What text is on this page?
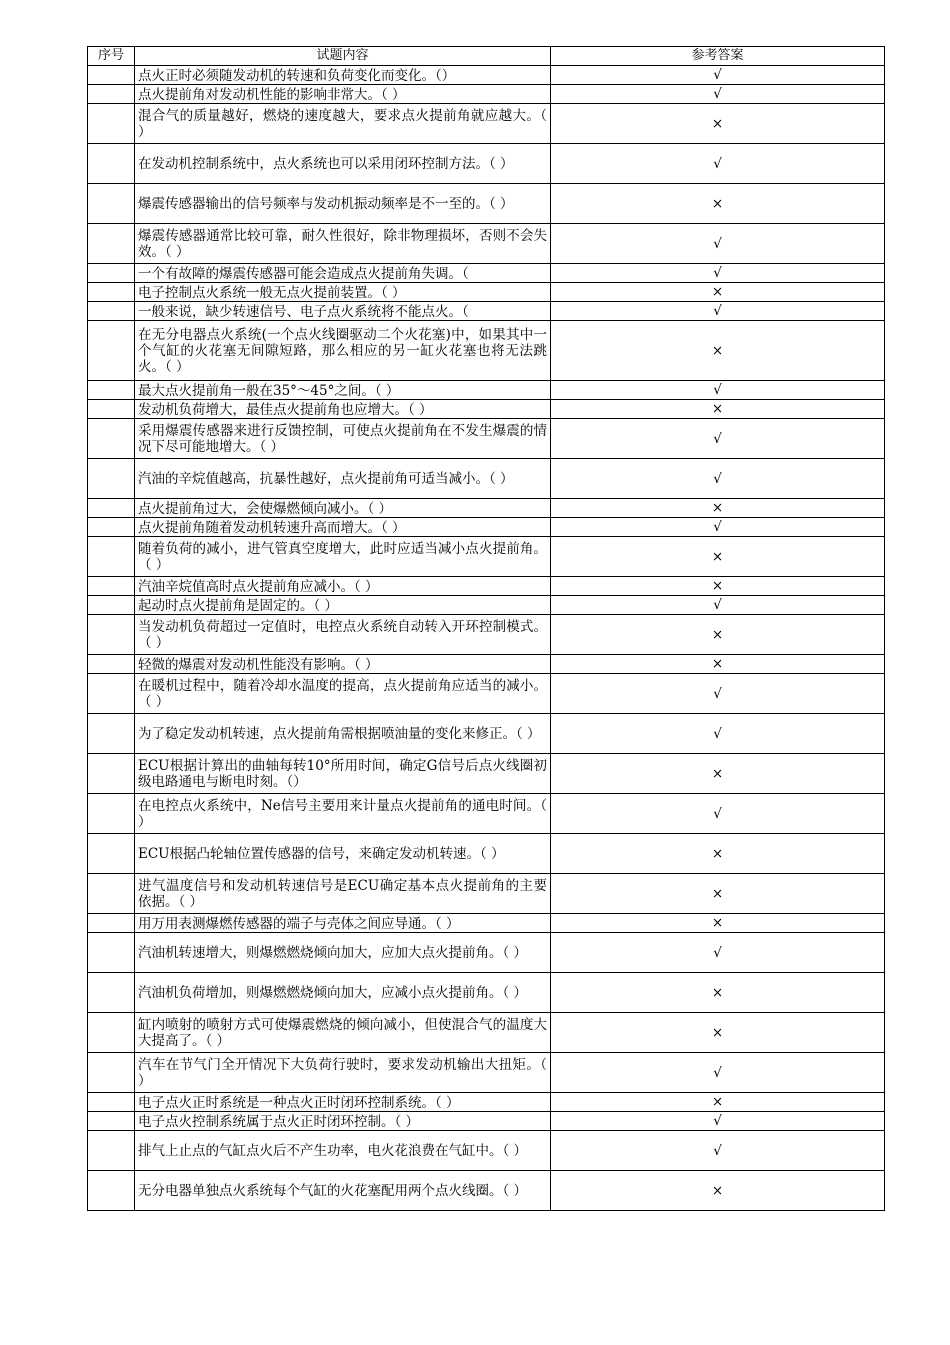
序号	试题内容	参考答案
	点火正时必须随发动机的转速和负荷变化而变化。（）	√
	点火提前角对发动机性能的影响非常大。（ ）	√
	混合气的质量越好，燃烧的速度越大，要求点火提前角就应越大。（ ）	×
	在发动机控制系统中，点火系统也可以采用闭环控制方法。（ ）	√
	爆震传感器输出的信号频率与发动机振动频率是不一至的。（ ）	×
	爆震传感器通常比较可靠，耐久性很好，除非物理损坏，否则不会失效。（ ）	√
	一个有故障的爆震传感器可能会造成点火提前角失调。（	√
	电子控制点火系统一般无点火提前装置。（ ）	×
	一般来说，缺少转速信号、电子点火系统将不能点火。（	√
	在无分电器点火系统(一个点火线圈驱动二个火花塞)中，如果其中一个气缸的火花塞无间隙短路，那么相应的另一缸火花塞也将无法跳火。（ ）	×
	最大点火提前角一般在35°～45°之间。（ ）	√
	发动机负荷增大，最佳点火提前角也应增大。（ ）	×
	采用爆震传感器来进行反馈控制，可使点火提前角在不发生爆震的情况下尽可能地增大。（ ）	√
	汽油的辛烷值越高，抗暴性越好，点火提前角可适当减小。（ ）	√
	点火提前角过大，会使爆燃倾向减小。（ ）	×
	点火提前角随着发动机转速升高而增大。（ ）	√
	随着负荷的减小，进气管真空度增大，此时应适当减小点火提前角。（ ）	×
	汽油辛烷值高时点火提前角应减小。（ ）	×
	起动时点火提前角是固定的。（ ）	√
	当发动机负荷超过一定值时，电控点火系统自动转入开环控制模式。（ ）	×
	轻微的爆震对发动机性能没有影响。（ ）	×
	在暖机过程中，随着冷却水温度的提高，点火提前角应适当的减小。（ ）	√
	为了稳定发动机转速，点火提前角需根据喷油量的变化来修正。（ ）	√
	ECU根据计算出的曲轴每转10°所用时间，确定G信号后点火线圈初级电路通电与断电时刻。（）	×
	在电控点火系统中，Ne信号主要用来计量点火提前角的通电时间。（ ）	√
	ECU根据凸轮轴位置传感器的信号，来确定发动机转速。（ ）	×
	进气温度信号和发动机转速信号是ECU确定基本点火提前角的主要依据。（ ）	×
	用万用表测爆燃传感器的端子与壳体之间应导通。（ ）	×
	汽油机转速增大，则爆燃燃烧倾向加大，应加大点火提前角。（ ）	√
	汽油机负荷增加，则爆燃燃烧倾向加大，应减小点火提前角。（ ）	×
	缸内喷射的喷射方式可使爆震燃烧的倾向减小，但使混合气的温度大大提高了。（ ）	×
	汽车在节气门全开情况下大负荷行驶时，要求发动机输出大扭矩。（ ）	√
	电子点火正时系统是一种点火正时闭环控制系统。（ ）	×
	电子点火控制系统属于点火正时闭环控制。（ ）	√
	排气上止点的气缸点火后不产生功率，电火花浪费在气缸中。（ ）	√
	无分电器单独点火系统每个气缸的火花塞配用两个点火线圈。（ ）	×
